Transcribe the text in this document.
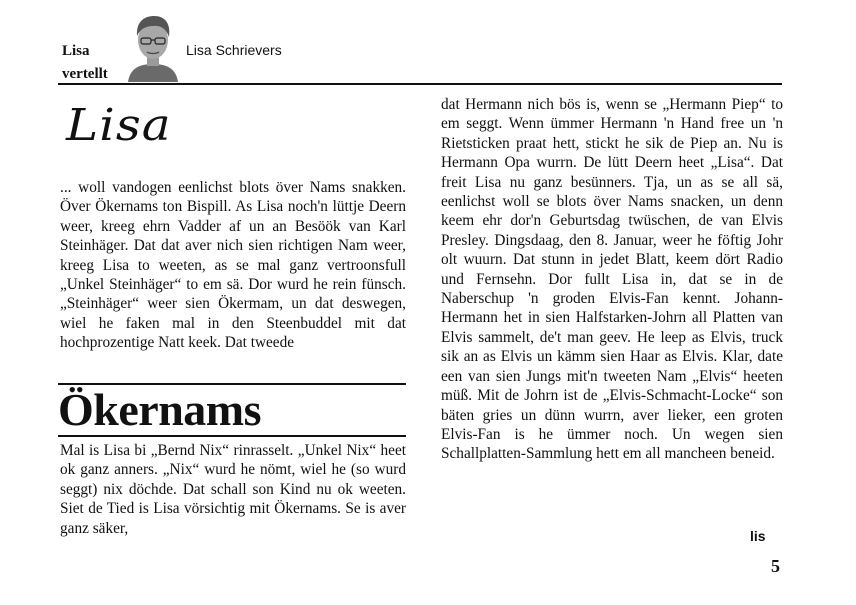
Lisa
vertellt
Lisa Schrievers
Lisa

... woll vandogen eenlichst blots över Nams snakken. Över Ökernams ton Bispill. As Lisa noch'n lüttje Deern weer, kreeg ehrn Vadder af un an Besöök van Karl Steinhäger. Dat dat aver nich sien richtigen Nam weer, kreeg Lisa to weeten, as se mal ganz vertroonsfull „Unkel Steinhäger“ to em sä. Dor wurd he rein fünsch. „Steinhäger“ weer sien Ökermam, un dat deswegen, wiel he faken mal in den Steenbuddel mit dat hochprozentige Natt keek. Dat tweede

Ökernams

Mal is Lisa bi „Bernd Nix“ rinrasselt. „Unkel Nix“ heet ok ganz anners. „Nix“ wurd he nömt, wiel he (so wurd seggt) nix döchde. Dat schall son Kind nu ok weeten. Siet de Tied is Lisa vörsichtig mit Ökernams. Se is aver ganz säker,

dat Hermann nich bös is, wenn se „Hermann Piep“ to em seggt. Wenn ümmer Hermann 'n Hand free un 'n Rietsticken praat hett, stickt he sik de Piep an. Nu is Hermann Opa wurrn. De lütt Deern heet „Lisa“. Dat freit Lisa nu ganz besünners. Tja, un as se all sä, eenlichst woll se blots över Nams snacken, un denn keem ehr dor'n Geburtsdag twüschen, de van Elvis Presley. Dingsdaag, den 8. Januar, weer he föftig Johr olt wuurn. Dat stunn in jedet Blatt, keem dört Radio und Fernsehn. Dor fullt Lisa in, dat se in de Naberschup 'n groden Elvis-Fan kennt. Johann-Hermann het in sien Halfstarken-Johrn all Platten van Elvis sammelt, de't man geev. He leep as Elvis, truck sik an as Elvis un kämm sien Haar as Elvis. Klar, date een van sien Jungs mit'n tweeten Nam „Elvis“ heeten müß. Mit de Johrn ist de „Elvis-Schmacht-Locke“ son bäten gries un dünn wurrn, aver lieker, een groten Elvis-Fan is he ümmer noch. Un wegen sien Schallplatten-Sammlung hett em all mancheen beneid.

lis
5
